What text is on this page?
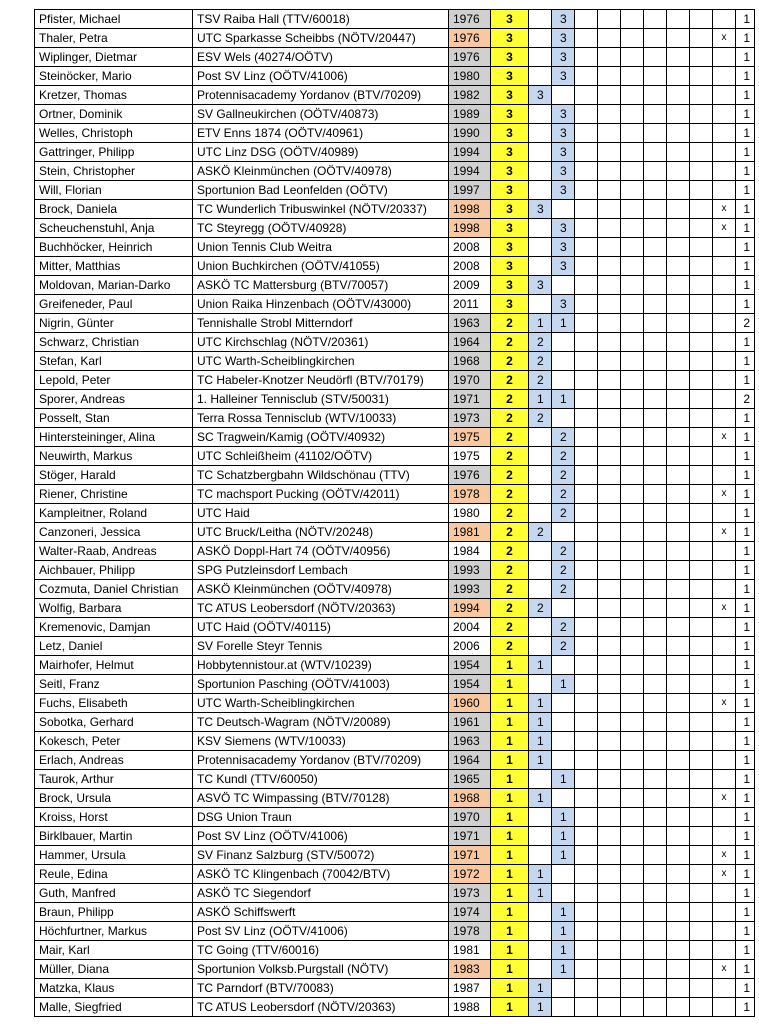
Pfister, Michael	TSV Raiba Hall (TTV/60018)	1976	3		3								1
Thaler, Petra	UTC Sparkasse Scheibbs (NÖTV/20447)	1976	3		3							x	1
Wiplinger, Dietmar	ESV Wels (40274/OÖTV)	1976	3		3								1
Steinöcker, Mario	Post SV Linz (OÖTV/41006)	1980	3		3								1
Kretzer, Thomas	Protennisacademy Yordanov (BTV/70209)	1982	3	3									1
Ortner, Dominik	SV Gallneukirchen (OÖTV/40873)	1989	3		3								1
Welles, Christoph	ETV Enns 1874 (OÖTV/40961)	1990	3		3								1
Gattringer, Philipp	UTC Linz DSG (OÖTV/40989)	1994	3		3								1
Stein, Christopher	ASKÖ Kleinmünchen (OÖTV/40978)	1994	3		3								1
Will, Florian	Sportunion Bad Leonfelden (OÖTV)	1997	3		3								1
Brock, Daniela	TC Wunderlich Tribuswinkel (NÖTV/20337)	1998	3	3								x	1
Scheuchenstuhl, Anja	TC Steyregg (OÖTV/40928)	1998	3		3							x	1
Buchhöcker, Heinrich	Union Tennis Club Weitra	2008	3		3								1
Mitter, Matthias	Union Buchkirchen (OÖTV/41055)	2008	3		3								1
Moldovan, Marian-Darko	ASKÖ TC Mattersburg (BTV/70057)	2009	3	3									1
Greifeneder, Paul	Union Raika Hinzenbach (OÖTV/43000)	2011	3		3								1
Nigrin, Günter	Tennishalle Strobl Mitterndorf	1963	2	1	1								2
Schwarz, Christian	UTC Kirchschlag (NÖTV/20361)	1964	2	2									1
Stefan, Karl	UTC Warth-Scheiblingkirchen	1968	2	2									1
Lepold, Peter	TC Habeler-Knotzer Neudörfl (BTV/70179)	1970	2	2									1
Sporer, Andreas	1. Halleiner Tennisclub (STV/50031)	1971	2	1	1								2
Posselt, Stan	Terra Rossa Tennisclub (WTV/10033)	1973	2	2									1
Hintersteininger, Alina	SC Tragwein/Kamig (OÖTV/40932)	1975	2		2							x	1
Neuwirth, Markus	UTC Schleißheim (41102/OÖTV)	1975	2		2								1
Stöger, Harald	TC Schatzbergbahn Wildschönau (TTV)	1976	2		2								1
Riener, Christine	TC machsport Pucking (OÖTV/42011)	1978	2		2							x	1
Kampleitner, Roland	UTC Haid	1980	2		2								1
Canzoneri, Jessica	UTC Bruck/Leitha (NÖTV/20248)	1981	2	2								x	1
Walter-Raab, Andreas	ASKÖ Doppl-Hart 74 (OÖTV/40956)	1984	2		2								1
Aichbauer, Philipp	SPG Putzleinsdorf Lembach	1993	2		2								1
Cozmuta, Daniel Christian	ASKÖ Kleinmünchen (OÖTV/40978)	1993	2		2								1
Wolfig, Barbara	TC ATUS Leobersdorf (NÖTV/20363)	1994	2	2								x	1
Kremenovic, Damjan	UTC Haid (OÖTV/40115)	2004	2		2								1
Letz, Daniel	SV Forelle Steyr Tennis	2006	2		2								1
Mairhofer, Helmut	Hobbytennistour.at (WTV/10239)	1954	1	1									1
Seitl, Franz	Sportunion Pasching (OÖTV/41003)	1954	1		1								1
Fuchs, Elisabeth	UTC Warth-Scheiblingkirchen	1960	1	1								x	1
Sobotka, Gerhard	TC Deutsch-Wagram (NÖTV/20089)	1961	1	1									1
Kokesch, Peter	KSV Siemens (WTV/10033)	1963	1	1									1
Erlach, Andreas	Protennisacademy Yordanov (BTV/70209)	1964	1	1									1
Taurok, Arthur	TC Kundl (TTV/60050)	1965	1		1								1
Brock, Ursula	ASVÖ TC Wimpassing (BTV/70128)	1968	1	1								x	1
Kroiss, Horst	DSG Union Traun	1970	1		1								1
Birklbauer, Martin	Post SV Linz (OÖTV/41006)	1971	1		1								1
Hammer, Ursula	SV Finanz Salzburg (STV/50072)	1971	1		1							x	1
Reule, Edina	ASKÖ TC Klingenbach (70042/BTV)	1972	1	1								x	1
Guth, Manfred	ASKÖ TC Siegendorf	1973	1	1									1
Braun, Philipp	ASKÖ Schiffswerft	1974	1		1								1
Höchfurtner, Markus	Post SV Linz (OÖTV/41006)	1978	1		1								1
Mair, Karl	TC Going (TTV/60016)	1981	1		1								1
Müller, Diana	Sportunion Volksb.Purgstall (NÖTV)	1983	1		1							x	1
Matzka, Klaus	TC Parndorf (BTV/70083)	1987	1	1									1
Malle, Siegfried	TC ATUS Leobersdorf (NÖTV/20363)	1988	1	1									1
